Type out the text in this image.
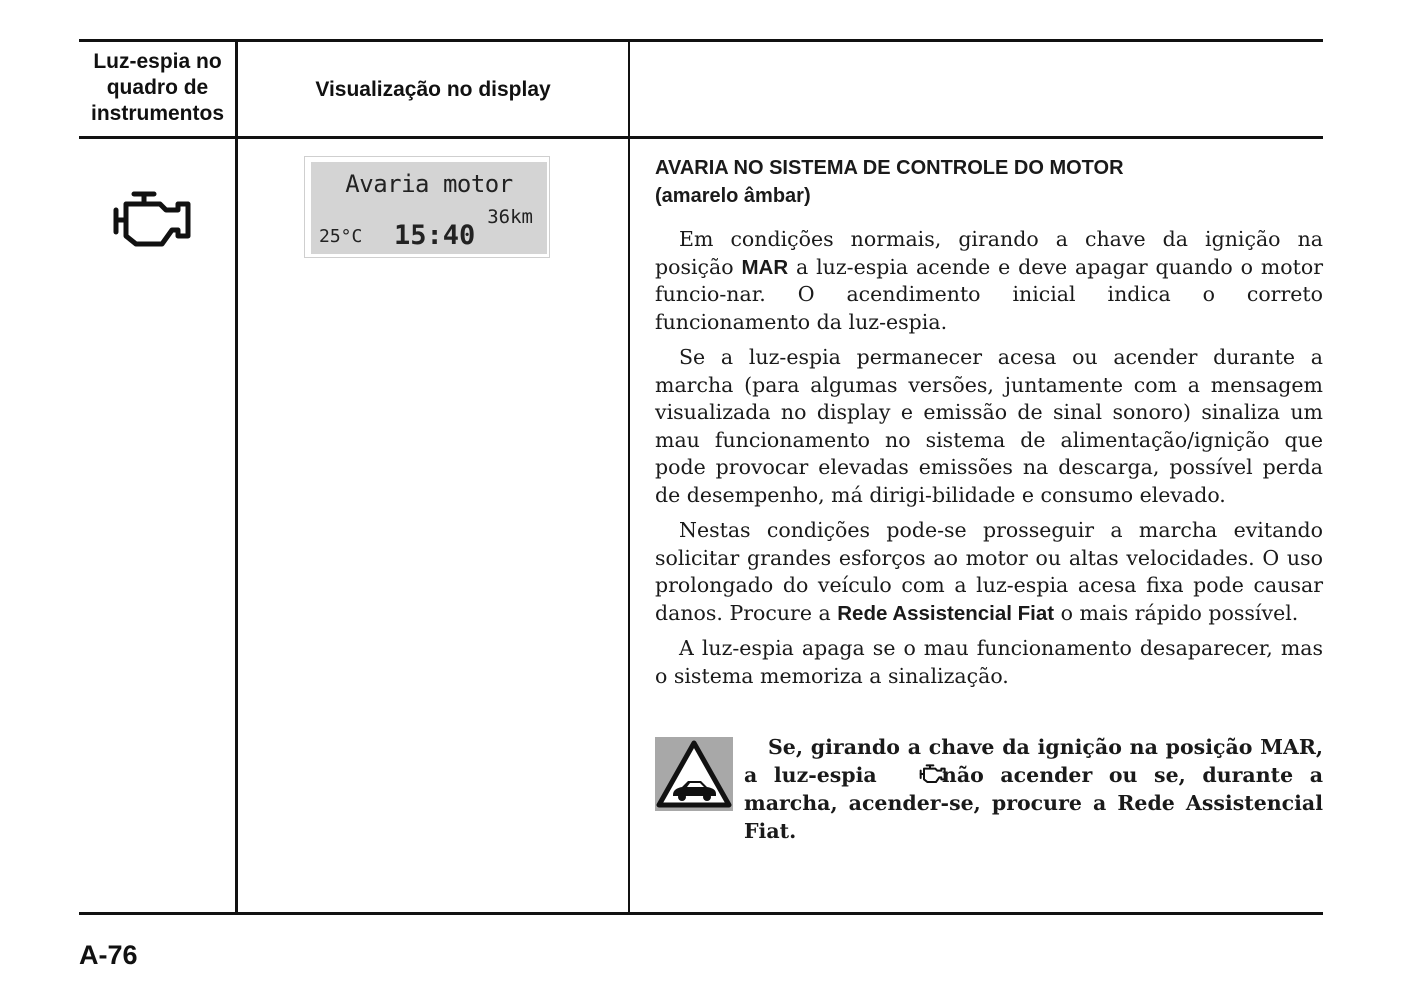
Luz-espia no quadro de instrumentos
Visualização no display
Avaria motor
36km
25°C 15:40
AVARIA NO SISTEMA DE CONTROLE DO MOTOR
(amarelo âmbar)

Em condições normais, girando a chave da ignição na posição MAR a luz-espia acende e deve apagar quando o motor funcio-nar. O acendimento inicial indica o correto funcionamento da luz-espia.

Se a luz-espia permanecer acesa ou acender durante a marcha (para algumas versões, juntamente com a mensagem visualizada no display e emissão de sinal sonoro) sinaliza um mau funcionamento no sistema de alimentação/ignição que pode provocar elevadas emissões na descarga, possível perda de desempenho, má dirigi-bilidade e consumo elevado.

Nestas condições pode-se prosseguir a marcha evitando solicitar grandes esforços ao motor ou altas velocidades. O uso prolongado do veículo com a luz-espia acesa fixa pode causar danos. Procure a Rede Assistencial Fiat o mais rápido possível.

A luz-espia apaga se o mau funcionamento desaparecer, mas o sistema memoriza a sinalização.

Se, girando a chave da ignição na posição MAR, a luz-espia  não acender ou se, durante a marcha, acender-se, procure a Rede Assistencial Fiat.
A-76
